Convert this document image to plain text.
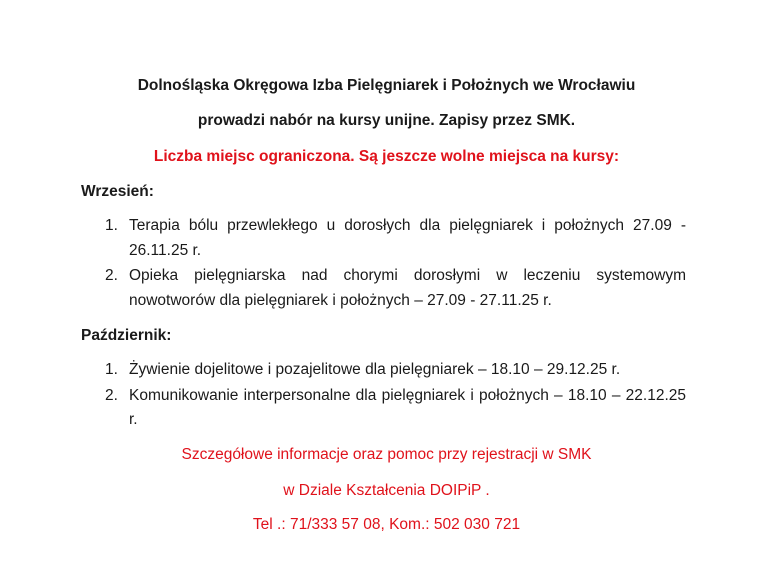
Dolnośląska Okręgowa Izba Pielęgniarek i Położnych we Wrocławiu
prowadzi nabór na kursy unijne. Zapisy przez SMK.
Liczba miejsc ograniczona. Są jeszcze wolne miejsca na kursy:
Wrzesień:
1. Terapia bólu przewlekłego u dorosłych dla pielęgniarek i położnych 27.09 - 26.11.25 r.
2. Opieka pielęgniarska nad chorymi dorosłymi w leczeniu systemowym nowotworów dla pielęgniarek i położnych – 27.09 - 27.11.25 r.
Październik:
1. Żywienie dojelitowe i pozajelitowe dla pielęgniarek – 18.10 – 29.12.25 r.
2. Komunikowanie interpersonalne dla pielęgniarek i położnych – 18.10 – 22.12.25 r.
Szczegółowe informacje oraz pomoc przy rejestracji w SMK
w Dziale Kształcenia DOIPiP .
Tel .: 71/333 57 08, Kom.: 502 030 721
